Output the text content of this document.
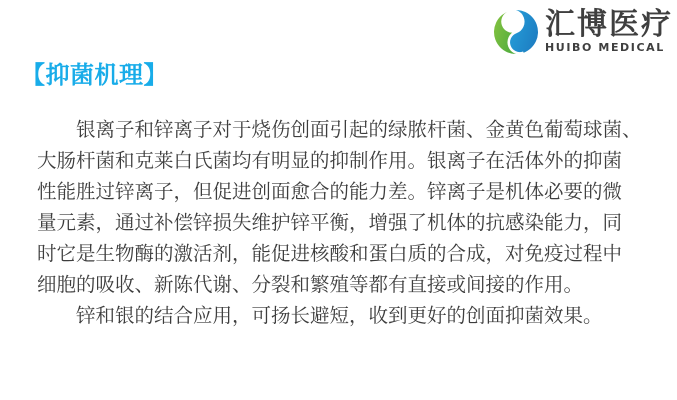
汇博医疗
HUIBO MEDICAL
【抑菌机理】
　　银离子和锌离子对于烧伤创面引起的绿脓杆菌、金黄色葡萄球菌、
大肠杆菌和克莱白氏菌均有明显的抑制作用。银离子在活体外的抑菌
性能胜过锌离子，但促进创面愈合的能力差。锌离子是机体必要的微
量元素，通过补偿锌损失维护锌平衡，增强了机体的抗感染能力，同
时它是生物酶的激活剂，能促进核酸和蛋白质的合成，对免疫过程中
细胞的吸收、新陈代谢、分裂和繁殖等都有直接或间接的作用。
　　锌和银的结合应用，可扬长避短，收到更好的创面抑菌效果。
